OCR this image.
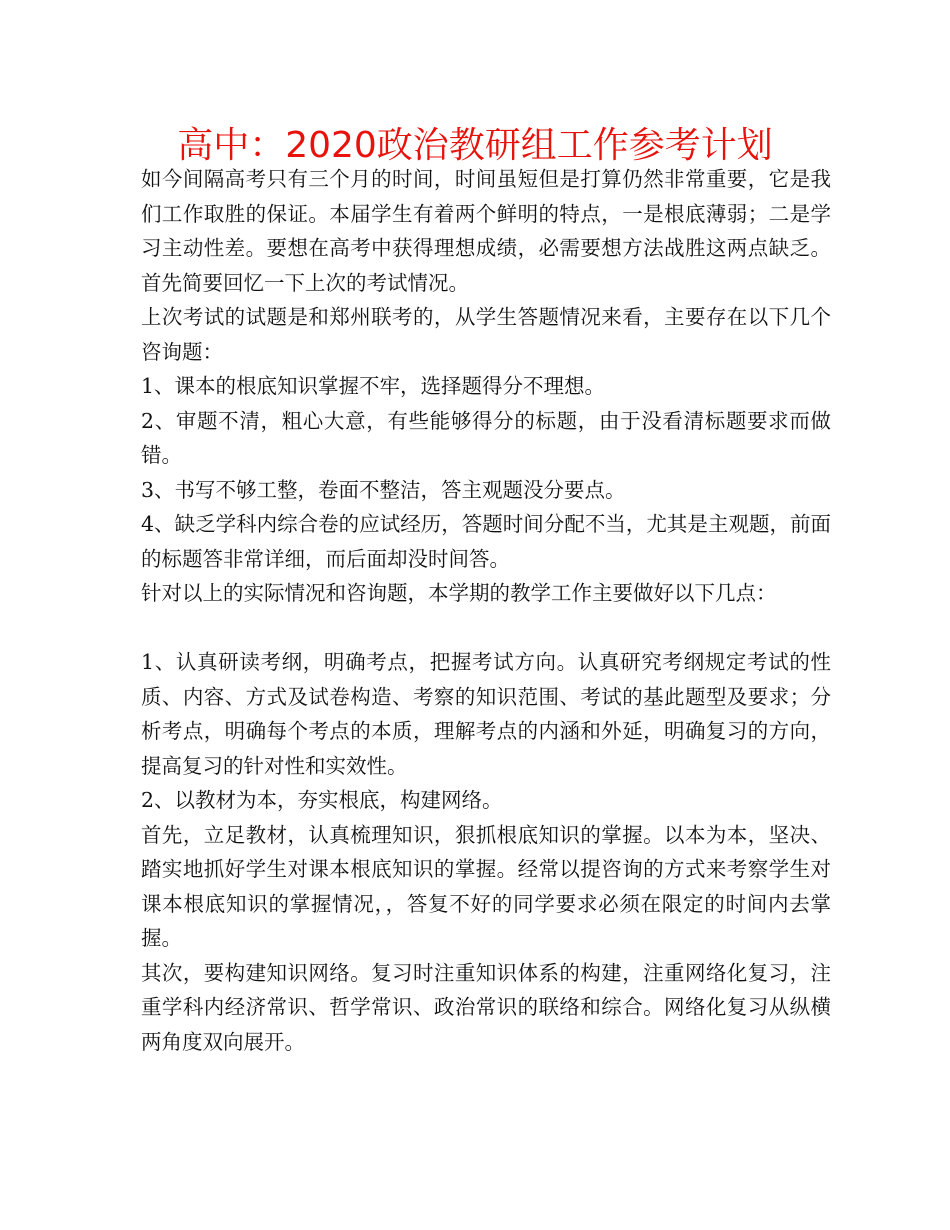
高中：2020政治教研组工作参考计划

如今间隔高考只有三个月的时间，时间虽短但是打算仍然非常重要，它是我们工作取胜的保证。本届学生有着两个鲜明的特点，一是根底薄弱；二是学习主动性差。要想在高考中获得理想成绩，必需要想方法战胜这两点缺乏。首先简要回忆一下上次的考试情况。

上次考试的试题是和郑州联考的，从学生答题情况来看，主要存在以下几个咨询题：

1、课本的根底知识掌握不牢，选择题得分不理想。

2、审题不清，粗心大意，有些能够得分的标题，由于没看清标题要求而做错。

3、书写不够工整，卷面不整洁，答主观题没分要点。

4、缺乏学科内综合卷的应试经历，答题时间分配不当，尤其是主观题，前面的标题答非常详细，而后面却没时间答。

针对以上的实际情况和咨询题，本学期的教学工作主要做好以下几点：

1、认真研读考纲，明确考点，把握考试方向。认真研究考纲规定考试的性质、内容、方式及试卷构造、考察的知识范围、考试的基此题型及要求；分析考点，明确每个考点的本质，理解考点的内涵和外延，明确复习的方向，提高复习的针对性和实效性。

2、以教材为本，夯实根底，构建网络。

首先，立足教材，认真梳理知识，狠抓根底知识的掌握。以本为本，坚决、踏实地抓好学生对课本根底知识的掌握。经常以提咨询的方式来考察学生对课本根底知识的掌握情况，，答复不好的同学要求必须在限定的时间内去掌握。

其次，要构建知识网络。复习时注重知识体系的构建，注重网络化复习，注重学科内经济常识、哲学常识、政治常识的联络和综合。网络化复习从纵横两角度双向展开。
